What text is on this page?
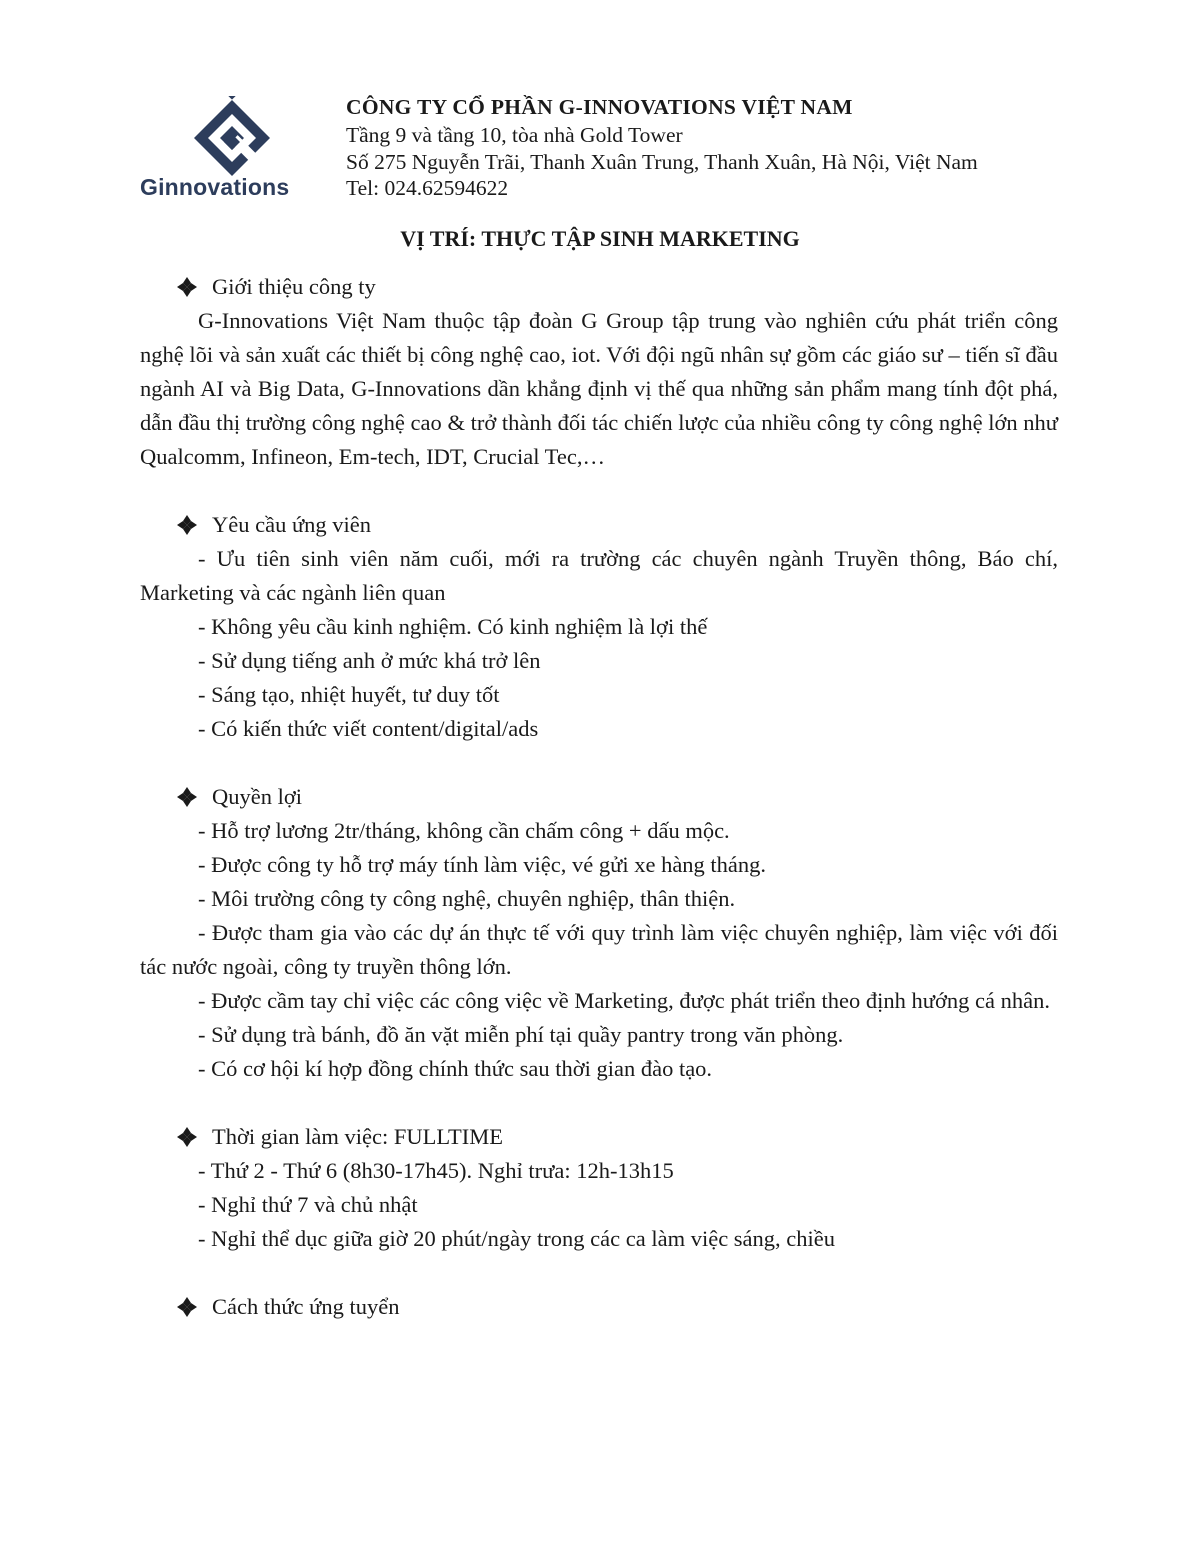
Ginnovations
CÔNG TY CỔ PHẦN G-INNOVATIONS VIỆT NAM
Tầng 9 và tầng 10, tòa nhà Gold Tower
Số 275 Nguyễn Trãi, Thanh Xuân Trung, Thanh Xuân, Hà Nội, Việt Nam
Tel: 024.62594622
VỊ TRÍ: THỰC TẬP SINH MARKETING
Giới thiệu công ty
G-Innovations Việt Nam thuộc tập đoàn G Group tập trung vào nghiên cứu phát triển công nghệ lõi và sản xuất các thiết bị công nghệ cao, iot. Với đội ngũ nhân sự gồm các giáo sư – tiến sĩ đầu ngành AI và Big Data, G-Innovations dần khẳng định vị thế qua những sản phẩm mang tính đột phá, dẫn đầu thị trường công nghệ cao & trở thành đối tác chiến lược của nhiều công ty công nghệ lớn như Qualcomm, Infineon, Em-tech, IDT, Crucial Tec,…
Yêu cầu ứng viên
- Ưu tiên sinh viên năm cuối, mới ra trường các chuyên ngành Truyền thông, Báo chí, Marketing và các ngành liên quan
- Không yêu cầu kinh nghiệm. Có kinh nghiệm là lợi thế
- Sử dụng tiếng anh ở mức khá trở lên
- Sáng tạo, nhiệt huyết, tư duy tốt
- Có kiến thức viết content/digital/ads
Quyền lợi
- Hỗ trợ lương 2tr/tháng, không cần chấm công + dấu mộc.
- Được công ty hỗ trợ máy tính làm việc, vé gửi xe hàng tháng.
- Môi trường công ty công nghệ, chuyên nghiệp, thân thiện.
- Được tham gia vào các dự án thực tế với quy trình làm việc chuyên nghiệp, làm việc với đối tác nước ngoài, công ty truyền thông lớn.
- Được cầm tay chỉ việc các công việc về Marketing, được phát triển theo định hướng cá nhân.
- Sử dụng trà bánh, đồ ăn vặt miễn phí tại quầy pantry trong văn phòng.
- Có cơ hội kí hợp đồng chính thức sau thời gian đào tạo.
Thời gian làm việc: FULLTIME
- Thứ 2 - Thứ 6 (8h30-17h45). Nghỉ trưa: 12h-13h15
- Nghỉ thứ 7 và chủ nhật
- Nghỉ thể dục giữa giờ 20 phút/ngày trong các ca làm việc sáng, chiều
Cách thức ứng tuyển
